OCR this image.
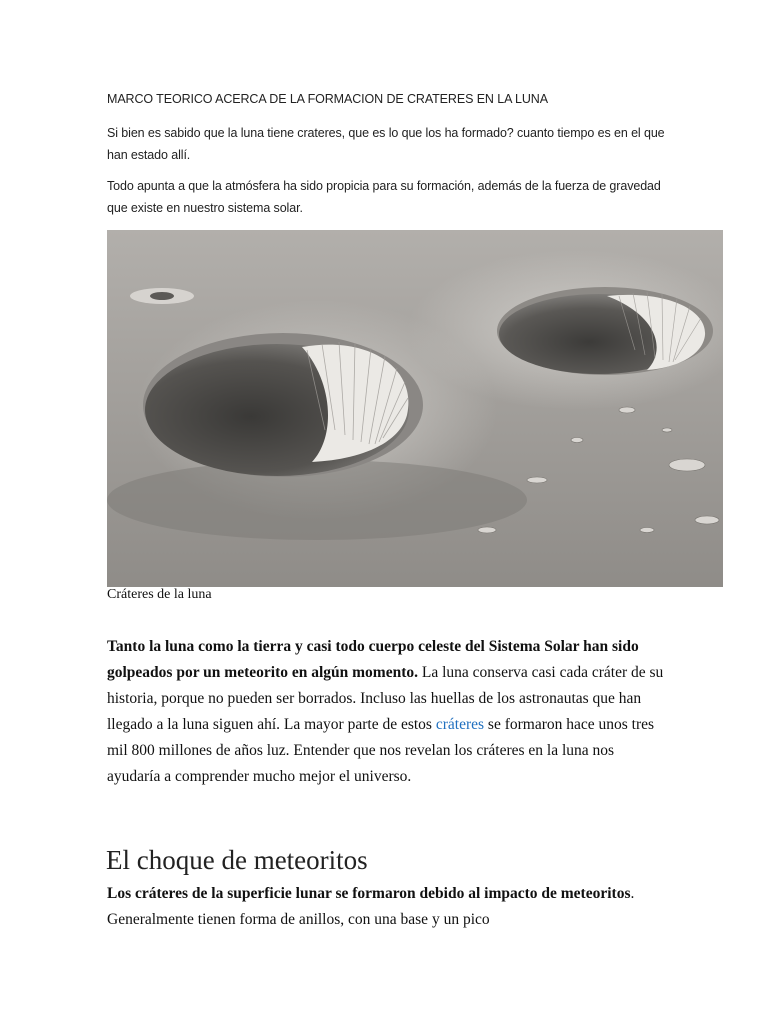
MARCO TEORICO ACERCA DE LA FORMACION DE CRATERES EN LA LUNA
Si bien es sabido que la luna tiene crateres, que es lo que los ha formado? cuanto tiempo es en el que han estado allí.
Todo apunta a que la atmósfera ha sido propicia para su formación, además de la fuerza de gravedad que existe en nuestro sistema solar.
Cráteres de la luna
Tanto la luna como la tierra y casi todo cuerpo celeste del Sistema Solar han sido golpeados por un meteorito en algún momento. La luna conserva casi cada cráter de su historia, porque no pueden ser borrados. Incluso las huellas de los astronautas que han llegado a la luna siguen ahí. La mayor parte de estos cráteres se formaron hace unos tres mil 800 millones de años luz. Entender que nos revelan los cráteres en la luna nos ayudaría a comprender mucho mejor el universo.
El choque de meteoritos
Los cráteres de la superficie lunar se formaron debido al impacto de meteoritos. Generalmente tienen forma de anillos, con una base y un pico
